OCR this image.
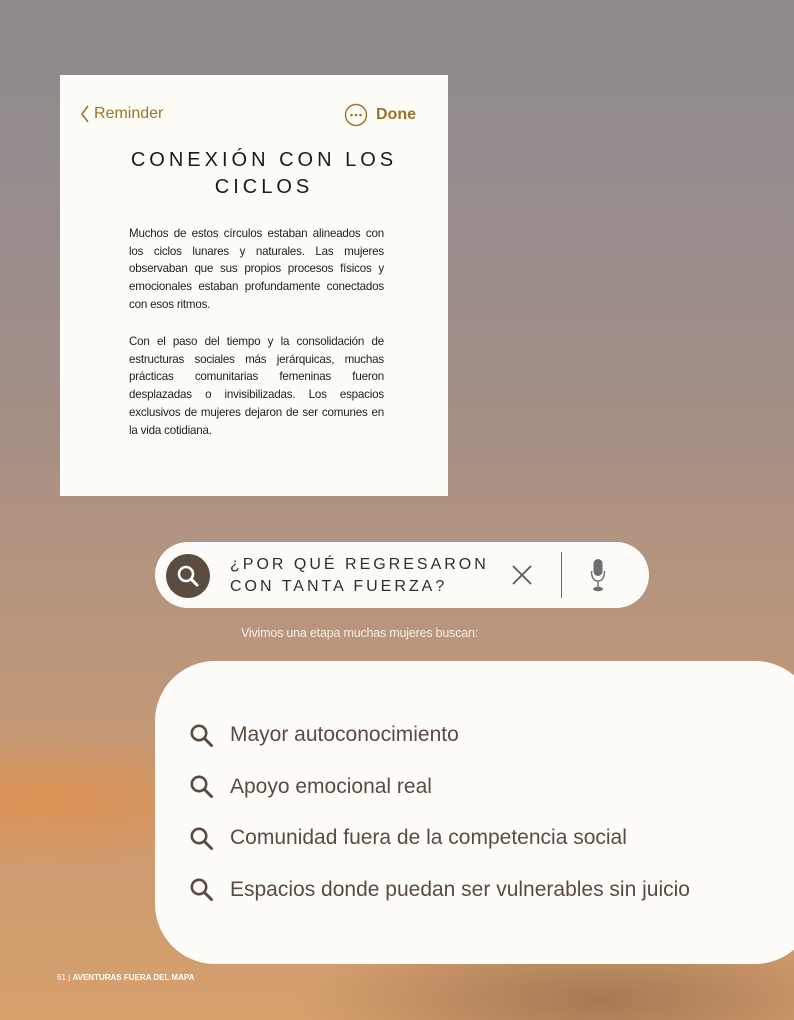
Reminder	Done
CONEXIÓN CON LOS
CICLOS

Muchos de estos círculos estaban alineados con los ciclos lunares y naturales. Las mujeres observaban que sus propios procesos físicos y emocionales estaban profundamente conectados con esos ritmos.

Con el paso del tiempo y la consolidación de estructuras sociales más jerárquicas, muchas prácticas comunitarias femeninas fueron desplazadas o invisibilizadas. Los espacios exclusivos de mujeres dejaron de ser comunes en la vida cotidiana.

¿POR QUÉ REGRESARON
CON TANTA FUERZA?

Vivimos una etapa muchas mujeres buscan:

Mayor autoconocimiento
Apoyo emocional real
Comunidad fuera de la competencia social
Espacios donde puedan ser vulnerables sin juicio

61 | AVENTURAS FUERA DEL MAPA
